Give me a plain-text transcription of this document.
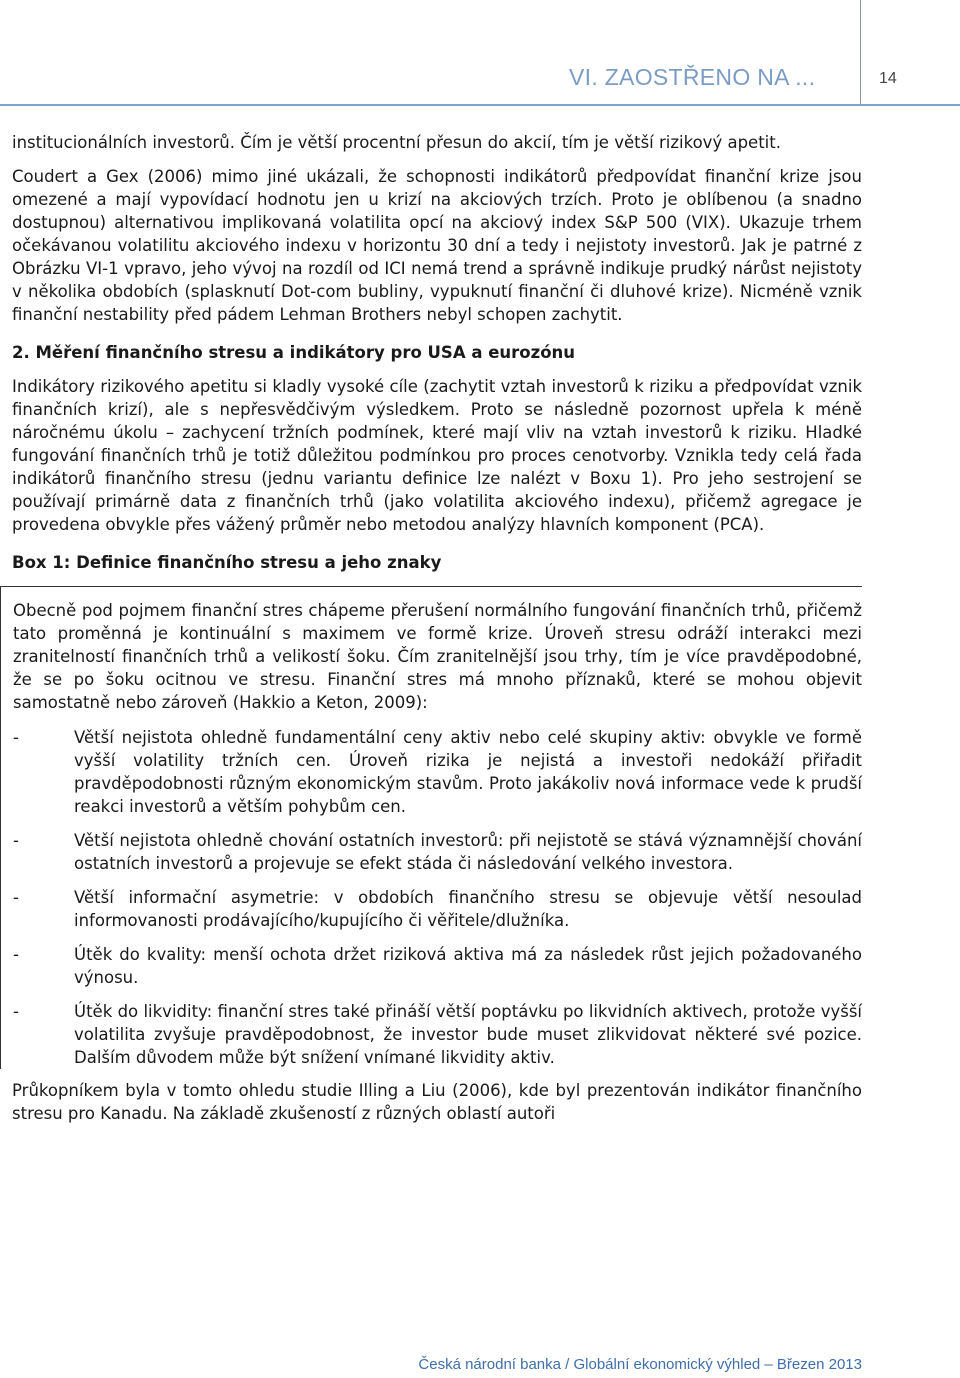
VI. ZAOSTŘENO NA ...	14

institucionálních investorů. Čím je větší procentní přesun do akcií, tím je větší rizikový apetit.

Coudert a Gex (2006) mimo jiné ukázali, že schopnosti indikátorů předpovídat finanční krize jsou omezené a mají vypovídací hodnotu jen u krizí na akciových trzích. Proto je oblíbenou (a snadno dostupnou) alternativou implikovaná volatilita opcí na akciový index S&P 500 (VIX). Ukazuje trhem očekávanou volatilitu akciového indexu v horizontu 30 dní a tedy i nejistoty investorů. Jak je patrné z Obrázku VI-1 vpravo, jeho vývoj na rozdíl od ICI nemá trend a správně indikuje prudký nárůst nejistoty v několika obdobích (splasknutí Dot-com bubliny, vypuknutí finanční či dluhové krize). Nicméně vznik finanční nestability před pádem Lehman Brothers nebyl schopen zachytit.

2. Měření finančního stresu a indikátory pro USA a eurozónu

Indikátory rizikového apetitu si kladly vysoké cíle (zachytit vztah investorů k riziku a předpovídat vznik finančních krizí), ale s nepřesvědčivým výsledkem. Proto se následně pozornost upřela k méně náročnému úkolu – zachycení tržních podmínek, které mají vliv na vztah investorů k riziku. Hladké fungování finančních trhů je totiž důležitou podmínkou pro proces cenotvorby. Vznikla tedy celá řada indikátorů finančního stresu (jednu variantu definice lze nalézt v Boxu 1). Pro jeho sestrojení se používají primárně data z finančních trhů (jako volatilita akciového indexu), přičemž agregace je provedena obvykle přes vážený průměr nebo metodou analýzy hlavních komponent (PCA).

Box 1: Definice finančního stresu a jeho znaky

Obecně pod pojmem finanční stres chápeme přerušení normálního fungování finančních trhů, přičemž tato proměnná je kontinuální s maximem ve formě krize. Úroveň stresu odráží interakci mezi zranitelností finančních trhů a velikostí šoku. Čím zranitelnější jsou trhy, tím je více pravděpodobné, že se po šoku ocitnou ve stresu. Finanční stres má mnoho příznaků, které se mohou objevit samostatně nebo zároveň (Hakkio a Keton, 2009):

-	Větší nejistota ohledně fundamentální ceny aktiv nebo celé skupiny aktiv: obvykle ve formě vyšší volatility tržních cen. Úroveň rizika je nejistá a investoři nedokáží přiřadit pravděpodobnosti různým ekonomickým stavům. Proto jakákoliv nová informace vede k prudší reakci investorů a větším pohybům cen.
-	Větší nejistota ohledně chování ostatních investorů: při nejistotě se stává významnější chování ostatních investorů a projevuje se efekt stáda či následování velkého investora.
-	Větší informační asymetrie: v obdobích finančního stresu se objevuje větší nesoulad informovanosti prodávajícího/kupujícího či věřitele/dlužníka.
-	Útěk do kvality: menší ochota držet riziková aktiva má za následek růst jejich požadovaného výnosu.
-	Útěk do likvidity: finanční stres také přináší větší poptávku po likvidních aktivech, protože vyšší volatilita zvyšuje pravděpodobnost, že investor bude muset zlikvidovat některé své pozice. Dalším důvodem může být snížení vnímané likvidity aktiv.

Průkopníkem byla v tomto ohledu studie Illing a Liu (2006), kde byl prezentován indikátor finančního stresu pro Kanadu. Na základě zkušeností z různých oblastí autoři

Česká národní banka / Globální ekonomický výhled – Březen 2013
